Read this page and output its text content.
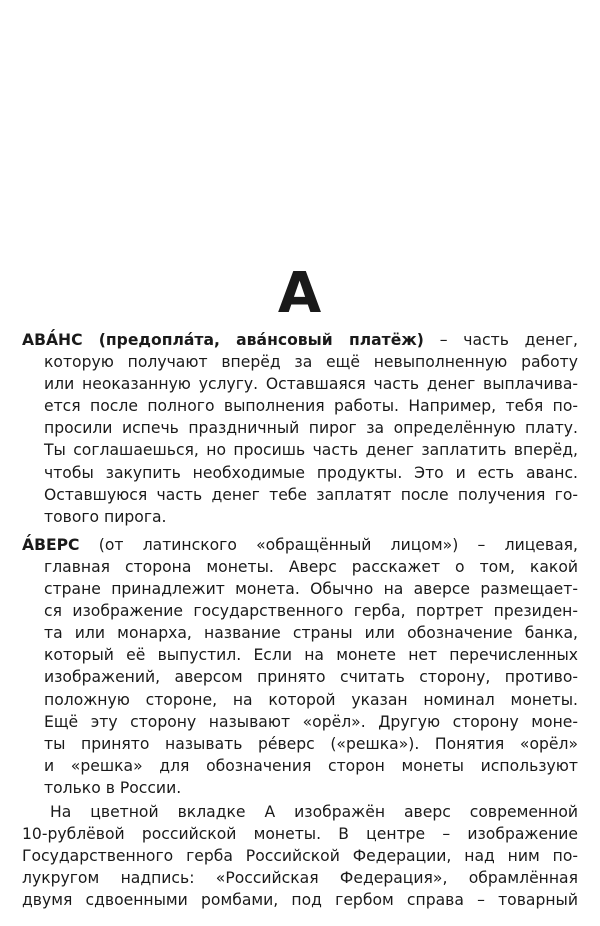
А
АВА́НС (предопла́та, ава́нсовый платёж) – часть денег,
которую получают вперёд за ещё невыполненную работу
или неоказанную услугу. Оставшаяся часть денег выплачива-
ется после полного выполнения работы. Например, тебя по-
просили испечь праздничный пирог за определённую плату.
Ты соглашаешься, но просишь часть денег заплатить вперёд,
чтобы закупить необходимые продукты. Это и есть аванс.
Оставшуюся часть денег тебе заплатят после получения го-
тового пирога.
А́ВЕРС (от латинского «обращённый лицом») – лицевая,
главная сторона монеты. Аверс расскажет о том, какой
стране принадлежит монета. Обычно на аверсе размещает-
ся изображение государственного герба, портрет президен-
та или монарха, название страны или обозначение банка,
который её выпустил. Если на монете нет перечисленных
изображений, аверсом принято считать сторону, противо-
положную стороне, на которой указан номинал монеты.
Ещё эту сторону называют «орёл». Другую сторону моне-
ты принято называть ре́верс («решка»). Понятия «орёл»
и «решка» для обозначения сторон монеты используют
только в России.
На цветной вкладке А изображён аверс современной
10-рублёвой российской монеты. В центре – изображение
Государственного герба Российской Федерации, над ним по-
лукругом надпись: «Российская Федерация», обрамлённая
двумя сдвоенными ромбами, под гербом справа – товарный
